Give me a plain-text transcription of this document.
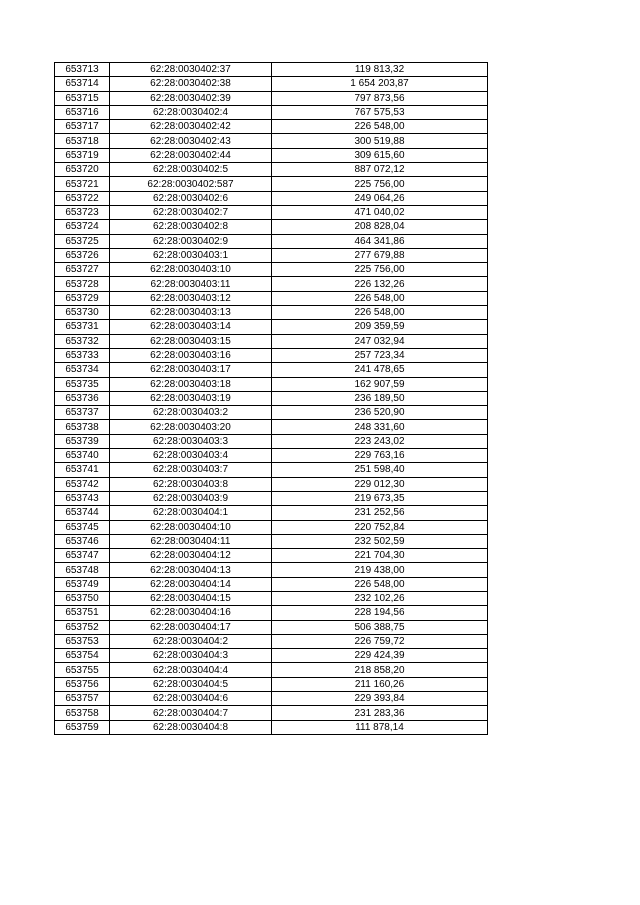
653713	62:28:0030402:37	119 813,32
653714	62:28:0030402:38	1 654 203,87
653715	62:28:0030402:39	797 873,56
653716	62:28:0030402:4	767 575,53
653717	62:28:0030402:42	226 548,00
653718	62:28:0030402:43	300 519,88
653719	62:28:0030402:44	309 615,60
653720	62:28:0030402:5	887 072,12
653721	62:28:0030402:587	225 756,00
653722	62:28:0030402:6	249 064,26
653723	62:28:0030402:7	471 040,02
653724	62:28:0030402:8	208 828,04
653725	62:28:0030402:9	464 341,86
653726	62:28:0030403:1	277 679,88
653727	62:28:0030403:10	225 756,00
653728	62:28:0030403:11	226 132,26
653729	62:28:0030403:12	226 548,00
653730	62:28:0030403:13	226 548,00
653731	62:28:0030403:14	209 359,59
653732	62:28:0030403:15	247 032,94
653733	62:28:0030403:16	257 723,34
653734	62:28:0030403:17	241 478,65
653735	62:28:0030403:18	162 907,59
653736	62:28:0030403:19	236 189,50
653737	62:28:0030403:2	236 520,90
653738	62:28:0030403:20	248 331,60
653739	62:28:0030403:3	223 243,02
653740	62:28:0030403:4	229 763,16
653741	62:28:0030403:7	251 598,40
653742	62:28:0030403:8	229 012,30
653743	62:28:0030403:9	219 673,35
653744	62:28:0030404:1	231 252,56
653745	62:28:0030404:10	220 752,84
653746	62:28:0030404:11	232 502,59
653747	62:28:0030404:12	221 704,30
653748	62:28:0030404:13	219 438,00
653749	62:28:0030404:14	226 548,00
653750	62:28:0030404:15	232 102,26
653751	62:28:0030404:16	228 194,56
653752	62:28:0030404:17	506 388,75
653753	62:28:0030404:2	226 759,72
653754	62:28:0030404:3	229 424,39
653755	62:28:0030404:4	218 858,20
653756	62:28:0030404:5	211 160,26
653757	62:28:0030404:6	229 393,84
653758	62:28:0030404:7	231 283,36
653759	62:28:0030404:8	111 878,14
